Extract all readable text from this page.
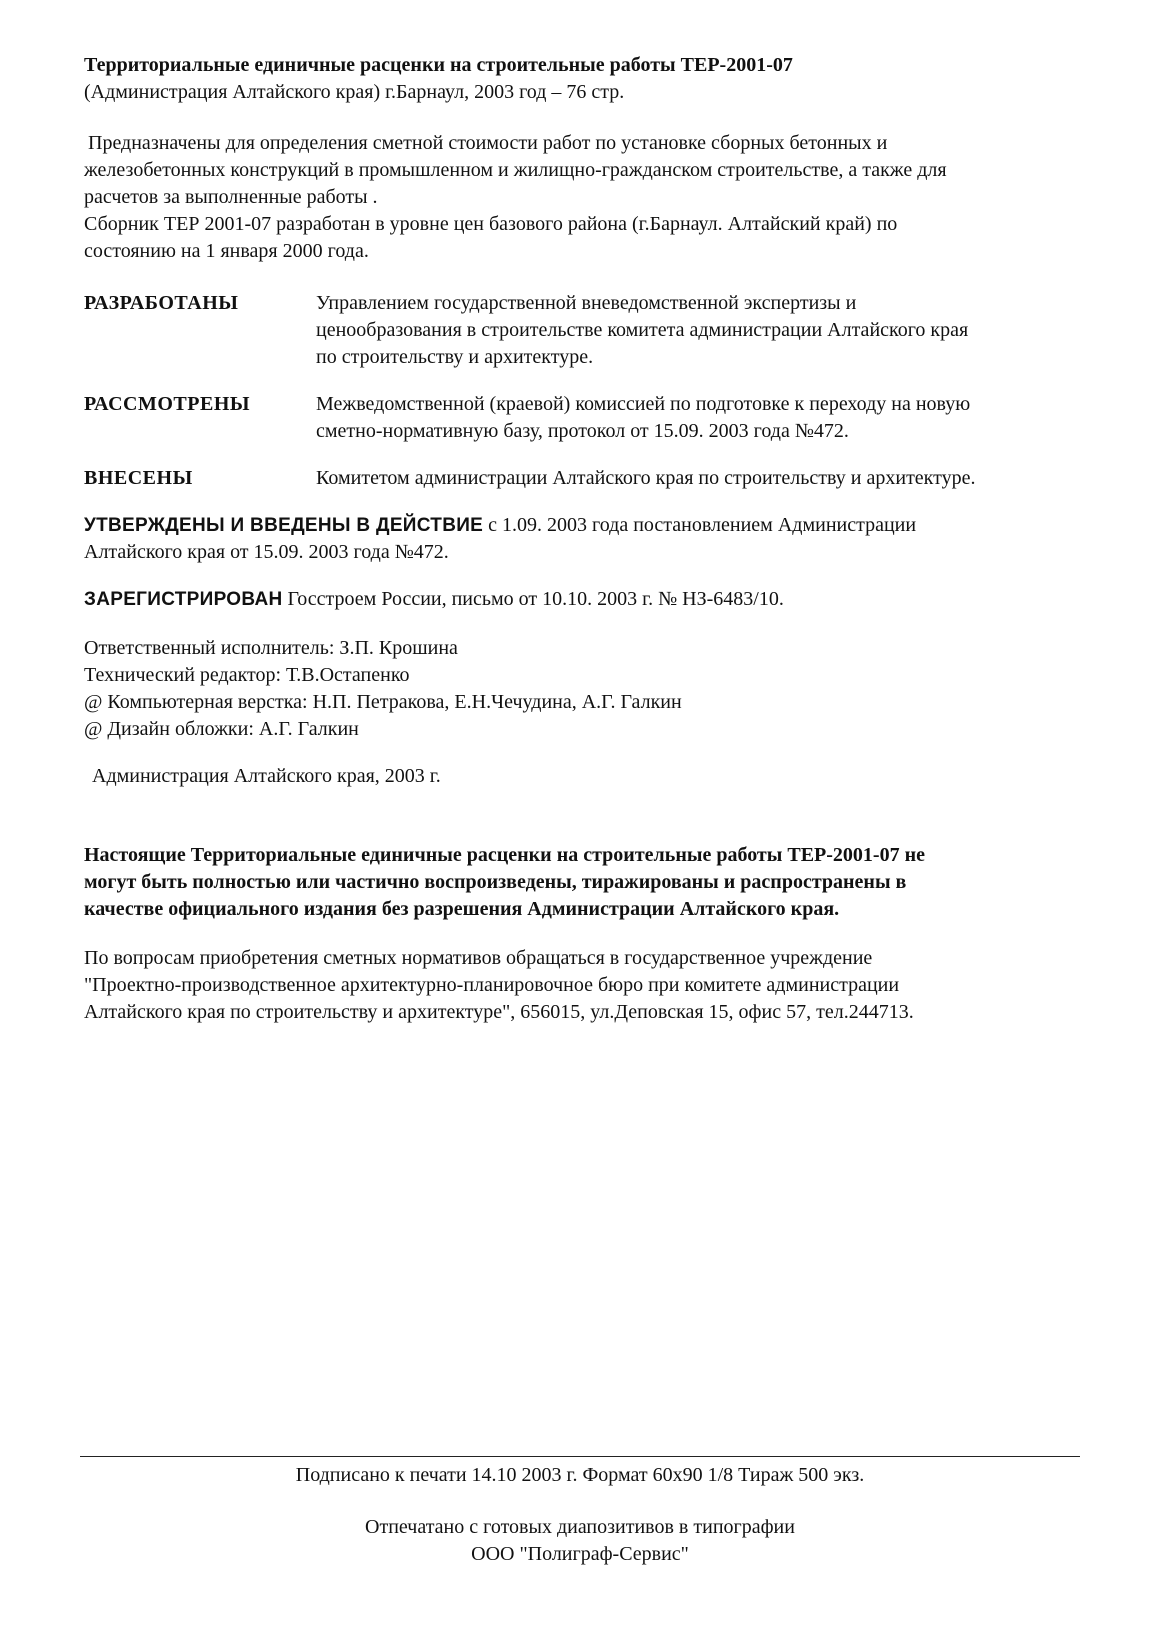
Территориальные единичные расценки на строительные работы ТЕР-2001-07

(Администрация Алтайского края) г.Барнаул, 2003 год – 76 стр.

Предназначены для определения сметной стоимости работ по установке сборных бетонных и

железобетонных конструкций в промышленном и жилищно-гражданском строительстве, а также для

расчетов за выполненные работы .

Сборник ТЕР 2001-07 разработан в уровне цен базового района (г.Барнаул. Алтайский край) по

состоянию на 1 января 2000 года.

РАЗРАБОТАНЫ	Управлением государственной вневедомственной экспертизы и

ценообразования в строительстве комитета администрации Алтайского края

по строительству и архитектуре.

РАССМОТРЕНЫ	Межведомственной (краевой) комиссией по подготовке к переходу на новую

сметно-нормативную базу, протокол от 15.09. 2003 года №472.

ВНЕСЕНЫ	Комитетом администрации Алтайского края по строительству и архитектуре.

УТВЕРЖДЕНЫ И ВВЕДЕНЫ В ДЕЙСТВИЕ с 1.09. 2003 года постановлением Администрации

Алтайского края от 15.09. 2003 года №472.

ЗАРЕГИСТРИРОВАН Госстроем России, письмо от 10.10. 2003 г. № НЗ-6483/10.

Ответственный исполнитель: З.П. Крошина

Технический редактор: Т.В.Остапенко

@ Компьютерная верстка: Н.П. Петракова, Е.Н.Чечудина, А.Г. Галкин

@ Дизайн обложки: А.Г. Галкин

Администрация Алтайского края, 2003 г.

Настоящие Территориальные единичные расценки на строительные работы ТЕР-2001-07 не

могут быть полностью или частично воспроизведены, тиражированы и распространены в

качестве официального издания без разрешения Администрации Алтайского края.

По вопросам приобретения сметных нормативов обращаться в государственное учреждение

"Проектно-производственное архитектурно-планировочное бюро при комитете администрации

Алтайского края по строительству и архитектуре", 656015, ул.Деповская 15, офис 57, тел.244713.

Подписано к печати 14.10 2003 г. Формат 60х90 1/8 Тираж 500 экз.

Отпечатано с готовых диапозитивов в типографии

ООО "Полиграф-Сервис"
